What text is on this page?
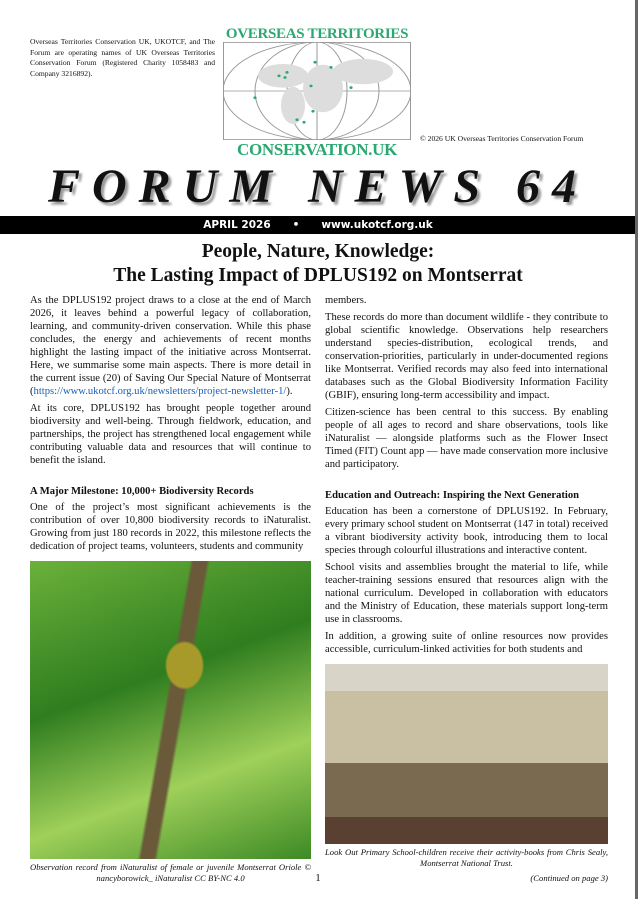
Overseas Territories Conservation UK, UKOTCF, and The Forum are operating names of UK Overseas Territories Conservation Forum (Registered Charity 1058483 and Company 3216892).
OVERSEAS TERRITORIES
CONSERVATION.UK
© 2026 UK Overseas Territories Conservation Forum
FORUM NEWS 64
APRIL 2026 • www.ukotcf.org.uk
People, Nature, Knowledge:
The Lasting Impact of DPLUS192 on Montserrat

As the DPLUS192 project draws to a close at the end of March 2026, it leaves behind a powerful legacy of collaboration, learning, and community-driven conservation. While this phase concludes, the energy and achievements of recent months highlight the lasting impact of the initiative across Montserrat. Here, we summarise some main aspects. There is more detail in the current issue (20) of Saving Our Special Nature of Montserrat (https://www.ukotcf.org.uk/newsletters/project-newsletter-1/).

At its core, DPLUS192 has brought people together around biodiversity and well-being. Through fieldwork, education, and partnerships, the project has strengthened local engagement while contributing valuable data and resources that will continue to benefit the island.

A Major Milestone: 10,000+ Biodiversity Records

One of the project’s most significant achievements is the contribution of over 10,800 biodiversity records to iNaturalist. Growing from just 180 records in 2022, this milestone reflects the dedication of project teams, volunteers, students and community

Observation record from iNaturalist of female or juvenile Montserrat Oriole © nancyborowick_ iNaturalist CC BY-NC 4.0

members.

These records do more than document wildlife - they contribute to global scientific knowledge. Observations help researchers understand species-distribution, ecological trends, and conservation-priorities, particularly in under-documented regions like Montserrat. Verified records may also feed into international databases such as the Global Biodiversity Information Facility (GBIF), ensuring long-term accessibility and impact.

Citizen-science has been central to this success. By enabling people of all ages to record and share observations, tools like iNaturalist — alongside platforms such as the Flower Insect Timed (FIT) Count app — have made conservation more inclusive and participatory.

Education and Outreach: Inspiring the Next Generation

Education has been a cornerstone of DPLUS192. In February, every primary school student on Montserrat (147 in total) received a vibrant biodiversity activity book, introducing them to local species through colourful illustrations and interactive content.

School visits and assemblies brought the material to life, while teacher-training sessions ensured that resources align with the national curriculum. Developed in collaboration with educators and the Ministry of Education, these materials support long-term use in classrooms.

In addition, a growing suite of online resources now provides accessible, curriculum-linked activities for both students and

Look Out Primary School-children receive their activity-books from Chris Sealy, Montserrat National Trust.
(Continued on page 3)
1
